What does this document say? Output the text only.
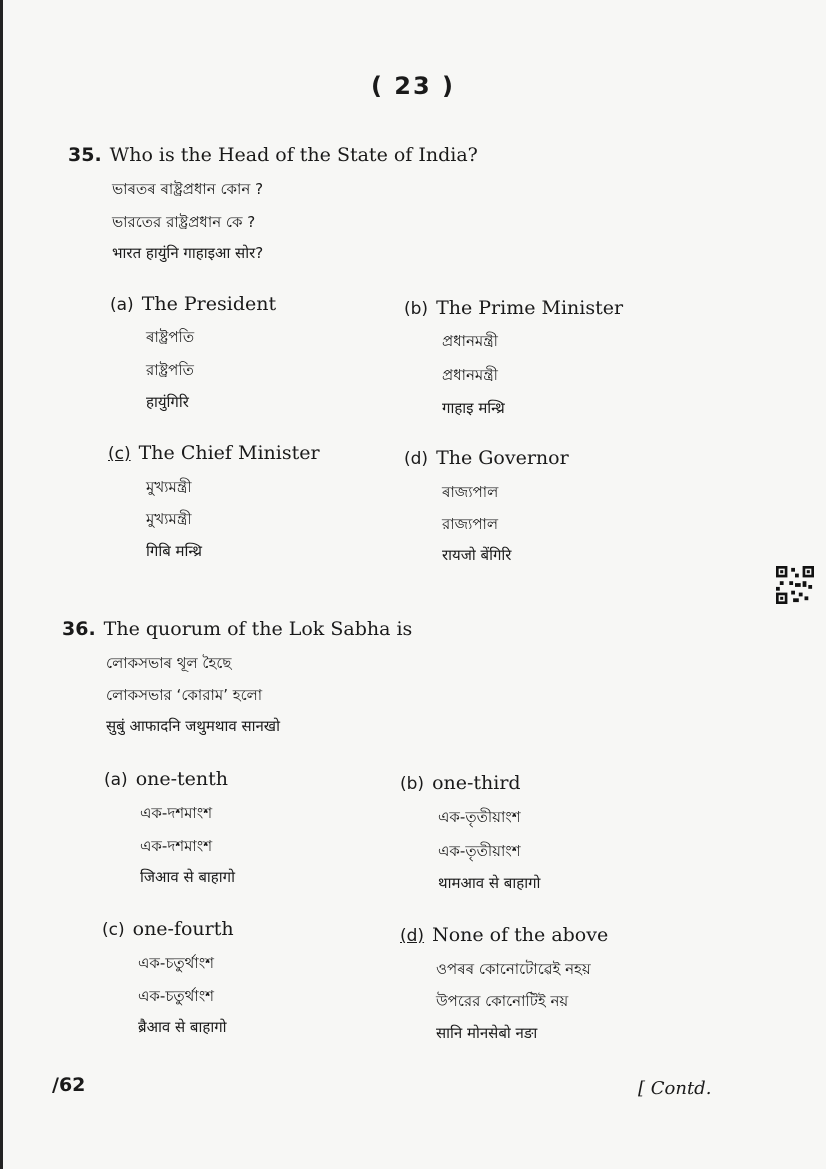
( 23 )
35. Who is the Head of the State of India?
ভাৰতৰ ৰাষ্ট্ৰপ্ৰধান কোন ?
ভারতের রাষ্ট্রপ্রধান কে ?
भारत हायुंनि गाहाइआ सोर?
(a) The President
ৰাষ্ট্ৰপতি
রাষ্ট্রপতি
हायुंगिरि
(b) The Prime Minister
প্ৰধানমন্ত্ৰী
প্রধানমন্ত্রী
गाहाइ मन्थ्रि
(c) The Chief Minister
মুখ্যমন্ত্ৰী
মুখ্যমন্ত্রী
गिबि मन्थ्रि
(d) The Governor
ৰাজ্যপাল
রাজ্যপাল
रायजो बेंगिरि
36. The quorum of the Lok Sabha is
লোকসভাৰ থূল হৈছে
লোকসভার ‘কোরাম’ হলো
सुबुं आफादनि जथुमथाव सानखो
(a) one-tenth
এক-দশমাংশ
এক-দশমাংশ
जिआव से बाहागो
(b) one-third
এক-তৃতীয়াংশ
এক-তৃতীয়াংশ
थामआव से बाहागो
(c) one-fourth
এক-চতুৰ্থাংশ
এক-চতুর্থাংশ
ब्रैआव से बाहागो
(d) None of the above
ওপৰৰ কোনোটোৱেই নহয়
উপরের কোনোটিই নয়
सानि मोनसेबो नङा
/62	[ Contd.
